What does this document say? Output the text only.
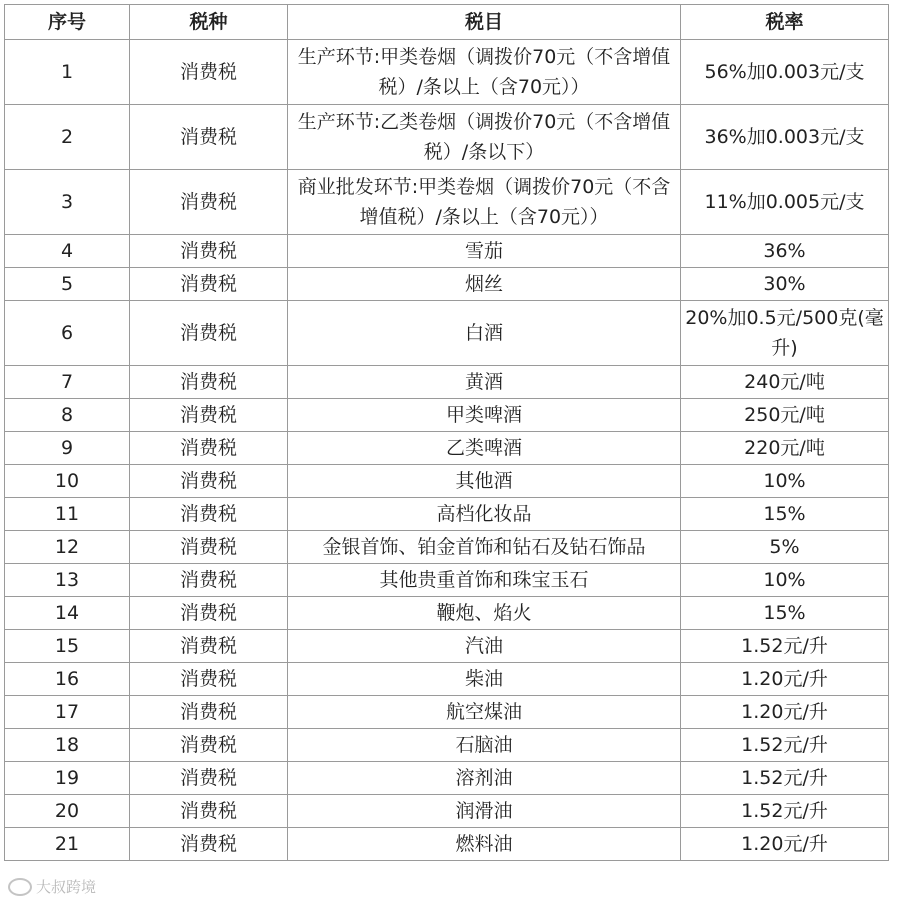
序号	税种	税目	税率
1	消费税	生产环节:甲类卷烟（调拨价70元（不含增值税）/条以上（含70元））	56%加0.003元/支
2	消费税	生产环节:乙类卷烟（调拨价70元（不含增值税）/条以下）	36%加0.003元/支
3	消费税	商业批发环节:甲类卷烟（调拨价70元（不含增值税）/条以上（含70元））	11%加0.005元/支
4	消费税	雪茄	36%
5	消费税	烟丝	30%
6	消费税	白酒	20%加0.5元/500克(毫升)
7	消费税	黄酒	240元/吨
8	消费税	甲类啤酒	250元/吨
9	消费税	乙类啤酒	220元/吨
10	消费税	其他酒	10%
11	消费税	高档化妆品	15%
12	消费税	金银首饰、铂金首饰和钻石及钻石饰品	5%
13	消费税	其他贵重首饰和珠宝玉石	10%
14	消费税	鞭炮、焰火	15%
15	消费税	汽油	1.52元/升
16	消费税	柴油	1.20元/升
17	消费税	航空煤油	1.20元/升
18	消费税	石脑油	1.52元/升
19	消费税	溶剂油	1.52元/升
20	消费税	润滑油	1.52元/升
21	消费税	燃料油	1.20元/升
大叔跨境
